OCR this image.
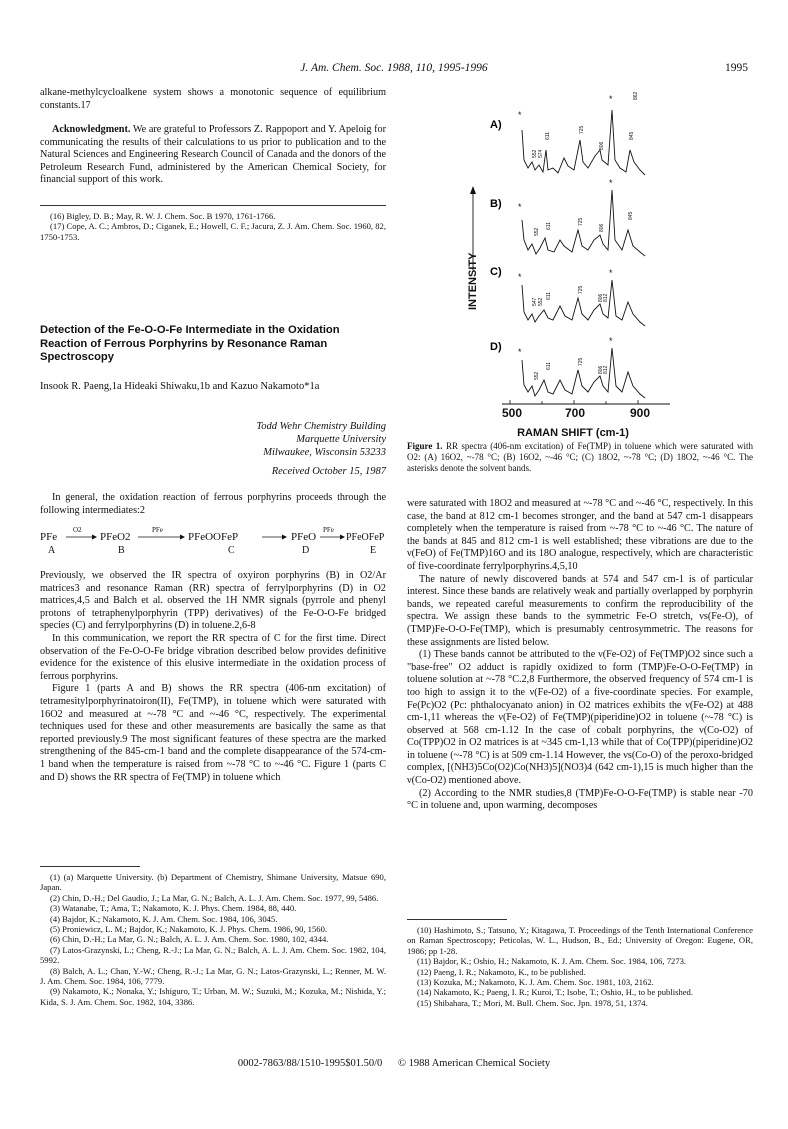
J. Am. Chem. Soc. 1988, 110, 1995-1996	1995

alkane-methylcycloalkene system shows a monotonic sequence of equilibrium constants.17

Acknowledgment. We are grateful to Professors Z. Rappoport and Y. Apeloig for communicating the results of their calculations to us prior to publication and to the Natural Sciences and Engineering Research Council of Canada and the donors of the Petroleum Research Fund, administered by the American Chemical Society, for financial support of this work.

(16) Bigley, D. B.; May, R. W. J. Chem. Soc. B 1970, 1761-1766.
(17) Cope, A. C.; Ambros, D.; Ciganek, E.; Howell, C. F.; Jacura, Z. J. Am. Chem. Soc. 1960, 82, 1750-1753.
Detection of the Fe-O-O-Fe Intermediate in the Oxidation Reaction of Ferrous Porphyrins by Resonance Raman Spectroscopy
Insook R. Paeng,1a Hideaki Shiwaku,1b and Kazuo Nakamoto*1a
Todd Wehr Chemistry Building
Marquette University
Milwaukee, Wisconsin 53233
Received October 15, 1987

In general, the oxidation reaction of ferrous porphyrins proceeds through the following intermediates:2

PFe
A
O2
PFeO2
B
PFe
PFeOOFeP
C
PFeO
D
PFe
PFeOFeP
E

Previously, we observed the IR spectra of oxyiron porphyrins (B) in O2/Ar matrices3 and resonance Raman (RR) spectra of ferrylporphyrins (D) in O2 matrices,4,5 and Balch et al. observed the 1H NMR signals (pyrrole and phenyl protons of tetraphenylporphyrin (TPP) derivatives) of the Fe-O-O-Fe bridged species (C) and ferrylporphyrins (D) in toluene.2,6-8

In this communication, we report the RR spectra of C for the first time. Direct observation of the Fe-O-O-Fe bridge vibration described below provides definitive evidence for the existence of this elusive intermediate in the oxidation process of ferrous porphyrins.

Figure 1 (parts A and B) shows the RR spectra (406-nm excitation) of tetramesitylporphyrinatoiron(II), Fe(TMP), in toluene which were saturated with 16O2 and measured at ~-78 °C and ~-46 °C, respectively. The experimental techniques used for these and other measurements are basically the same as that reported previously.9 The most significant features of these spectra are the marked strengthening of the 845-cm-1 band and the complete disappearance of the 574-cm-1 band when the temperature is raised from ~-78 °C to ~-46 °C. Figure 1 (parts C and D) shows the RR spectra of Fe(TMP) in toluene which

(1) (a) Marquette University. (b) Department of Chemistry, Shimane University, Matsue 690, Japan.
(2) Chin, D.-H.; Del Gaudio, J.; La Mar, G. N.; Balch, A. L. J. Am. Chem. Soc. 1977, 99, 5486.
(3) Watanabe, T.; Ama, T.; Nakamoto, K. J. Phys. Chem. 1984, 88, 440.
(4) Bajdor, K.; Nakamoto, K. J. Am. Chem. Soc. 1984, 106, 3045.
(5) Proniewicz, L. M.; Bajdor, K.; Nakamoto, K. J. Phys. Chem. 1986, 90, 1560.
(6) Chin, D.-H.; La Mar, G. N.; Balch, A. L. J. Am. Chem. Soc. 1980, 102, 4344.
(7) Latos-Grazynski, L.; Cheng, R.-J.; La Mar, G. N.; Balch, A. L. J. Am. Chem. Soc. 1982, 104, 5992.
(8) Balch, A. L.; Chan, Y.-W.; Cheng, R.-J.; La Mar, G. N.; Latos-Grazynski, L.; Renner, M. W. J. Am. Chem. Soc. 1984, 106, 7779.
(9) Nakamoto, K.; Nonaka, Y.; Ishiguro, T.; Urban, M. W.; Suzuki, M.; Kozuka, M.; Nishida, Y.; Kida, S. J. Am. Chem. Soc. 1982, 104, 3386.
INTENSITY
A)
B)
C)
D)
*
*
*
*
*	*
*
*
552 574
611
725
806
845
862
552
611
725
806
845
547 552
611
725
806 812
552
611
725
806 812
500	700	900
RAMAN SHIFT (cm-1)
Figure 1. RR spectra (406-nm excitation) of Fe(TMP) in toluene which were saturated with O2: (A) 16O2, ~-78 °C; (B) 16O2, ~-46 °C; (C) 18O2, ~-78 °C; (D) 18O2, ~-46 °C. The asterisks denote the solvent bands.

were saturated with 18O2 and measured at ~-78 °C and ~-46 °C, respectively. In this case, the band at 812 cm-1 becomes stronger, and the band at 547 cm-1 disappears completely when the temperature is raised from ~-78 °C to ~-46 °C. The nature of the bands at 845 and 812 cm-1 is well established; these vibrations are due to the ν(FeO) of Fe(TMP)16O and its 18O analogue, respectively, which are characteristic of five-coordinate ferrylporphyrins.4,5,10

The nature of newly discovered bands at 574 and 547 cm-1 is of particular interest. Since these bands are relatively weak and partially overlapped by porphyrin bands, we repeated careful measurements to confirm the reproducibility of the spectra. We assign these bands to the symmetric Fe-O stretch, νs(Fe-O), of (TMP)Fe-O-O-Fe(TMP), which is presumably centrosymmetric. The reasons for these assignments are listed below.

(1) These bands cannot be attributed to the ν(Fe-O2) of Fe(TMP)O2 since such a "base-free" O2 adduct is rapidly oxidized to form (TMP)Fe-O-O-Fe(TMP) in toluene solution at ~-78 °C.2,8 Furthermore, the observed frequency of 574 cm-1 is too high to assign it to the ν(Fe-O2) of a five-coordinate species. For example, Fe(Pc)O2 (Pc: phthalocyanato anion) in O2 matrices exhibits the ν(Fe-O2) at 488 cm-1,11 whereas the ν(Fe-O2) of Fe(TMP)(piperidine)O2 in toluene (~-78 °C) is observed at 568 cm-1.12 In the case of cobalt porphyrins, the ν(Co-O2) of Co(TPP)O2 in O2 matrices is at ~345 cm-1,13 while that of Co(TPP)(piperidine)O2 in toluene (~-78 °C) is at 509 cm-1.14 However, the νs(Co-O) of the peroxo-bridged complex, [(NH3)5Co(O2)Co(NH3)5](NO3)4 (642 cm-1),15 is much higher than the ν(Co-O2) mentioned above.

(2) According to the NMR studies,8 (TMP)Fe-O-O-Fe(TMP) is stable near -70 °C in toluene and, upon warming, decomposes

(10) Hashimoto, S.; Tatsuno, Y.; Kitagawa, T. Proceedings of the Tenth International Conference on Raman Spectroscopy; Peticolas, W. L., Hudson, B., Ed.; University of Oregon: Eugene, OR, 1986; pp 1-28.
(11) Bajdor, K.; Oshio, H.; Nakamoto, K. J. Am. Chem. Soc. 1984, 106, 7273.
(12) Paeng, I. R.; Nakamoto, K., to be published.
(13) Kozuka, M.; Nakamoto, K. J. Am. Chem. Soc. 1981, 103, 2162.
(14) Nakamoto, K.; Paeng, I. R.; Kuroi, T.; Isobe, T.; Oshio, H., to be published.
(15) Shibahara, T.; Mori, M. Bull. Chem. Soc. Jpn. 1978, 51, 1374.
0002-7863/88/1510-1995$01.50/0 © 1988 American Chemical Society
